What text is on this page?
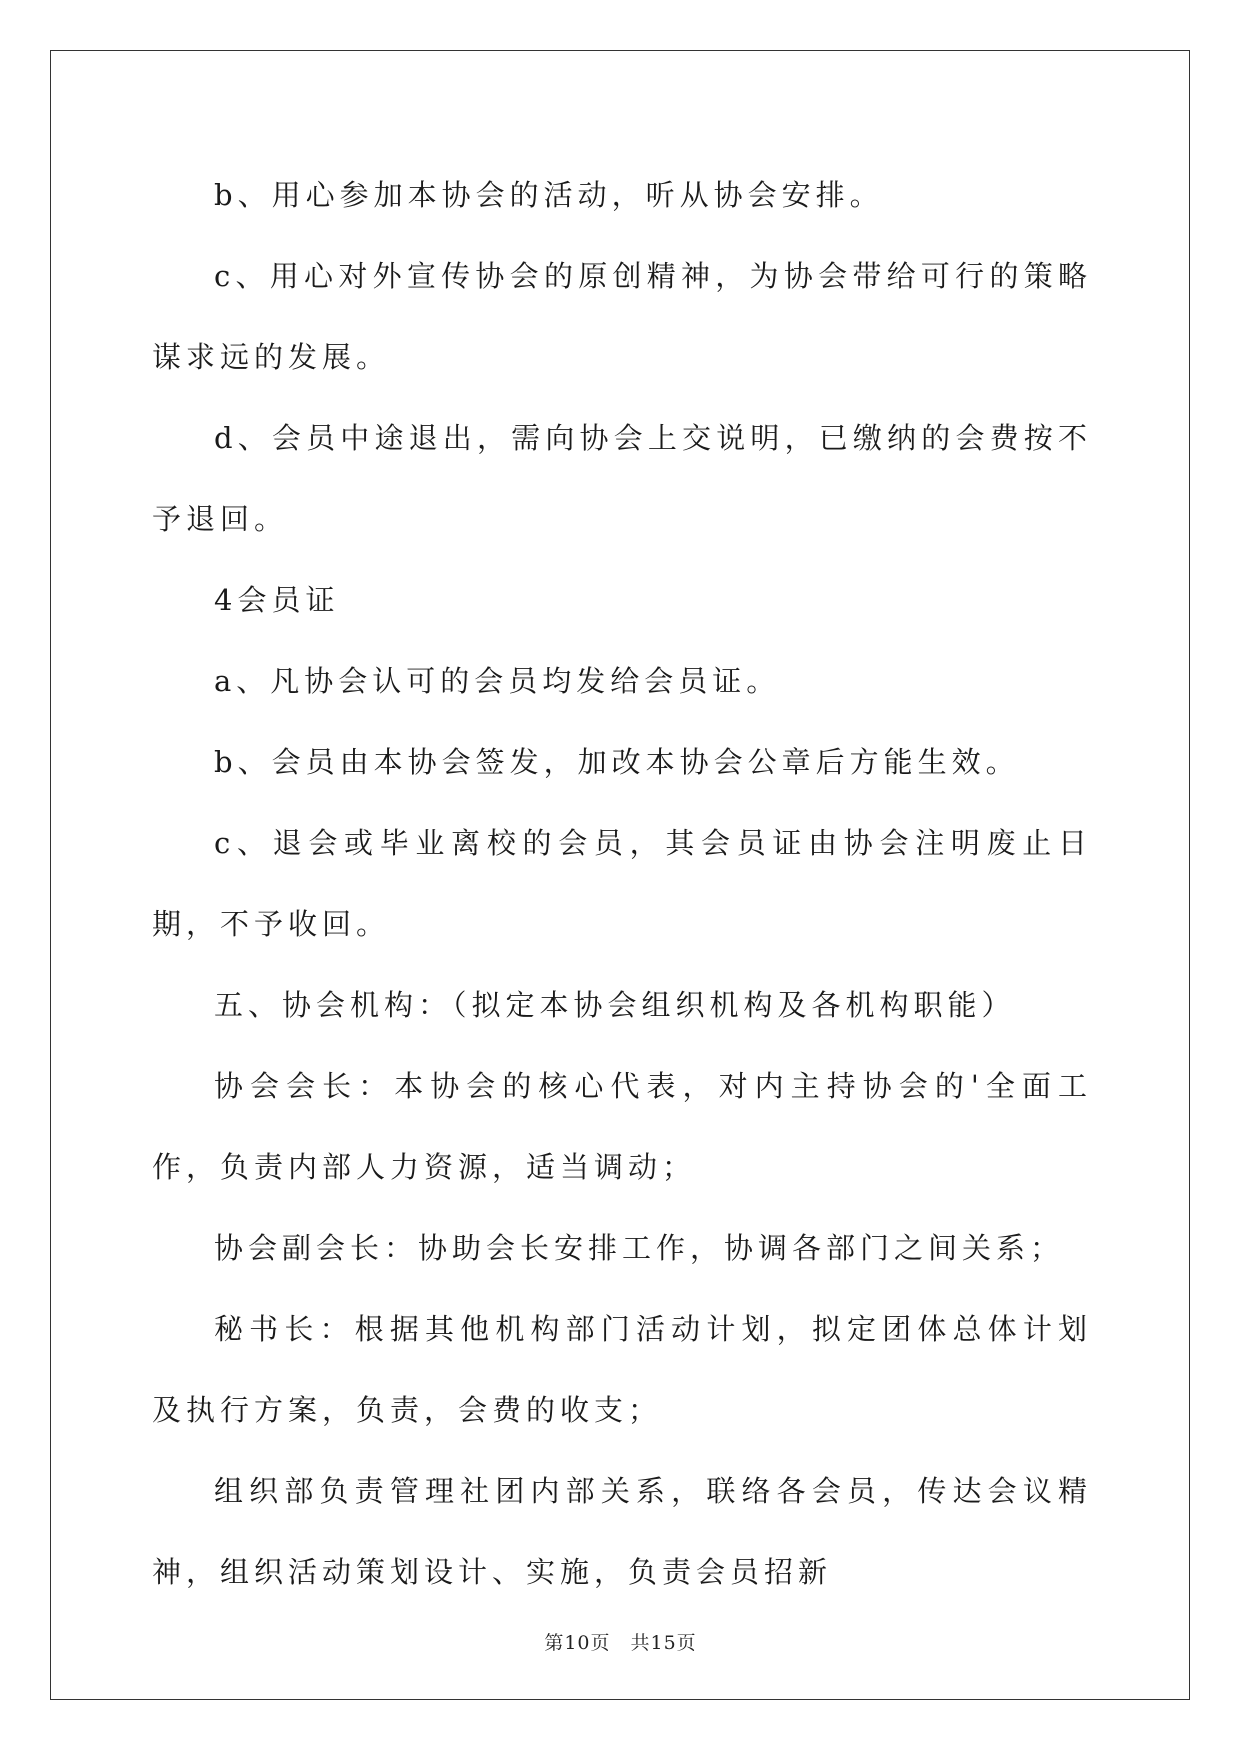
b、用心参加本协会的活动，听从协会安排。

c、用心对外宣传协会的原创精神，为协会带给可行的策略谋求远的发展。

d、会员中途退出，需向协会上交说明，已缴纳的会费按不予退回。

4会员证

a、凡协会认可的会员均发给会员证。

b、会员由本协会签发，加改本协会公章后方能生效。

c、退会或毕业离校的会员，其会员证由协会注明废止日期，不予收回。

五、协会机构：（拟定本协会组织机构及各机构职能）

协会会长：本协会的核心代表，对内主持协会的'全面工作，负责内部人力资源，适当调动；

协会副会长：协助会长安排工作，协调各部门之间关系；

秘书长：根据其他机构部门活动计划，拟定团体总体计划及执行方案，负责，会费的收支；

组织部负责管理社团内部关系，联络各会员，传达会议精神，组织活动策划设计、实施，负责会员招新

第10页 共15页
